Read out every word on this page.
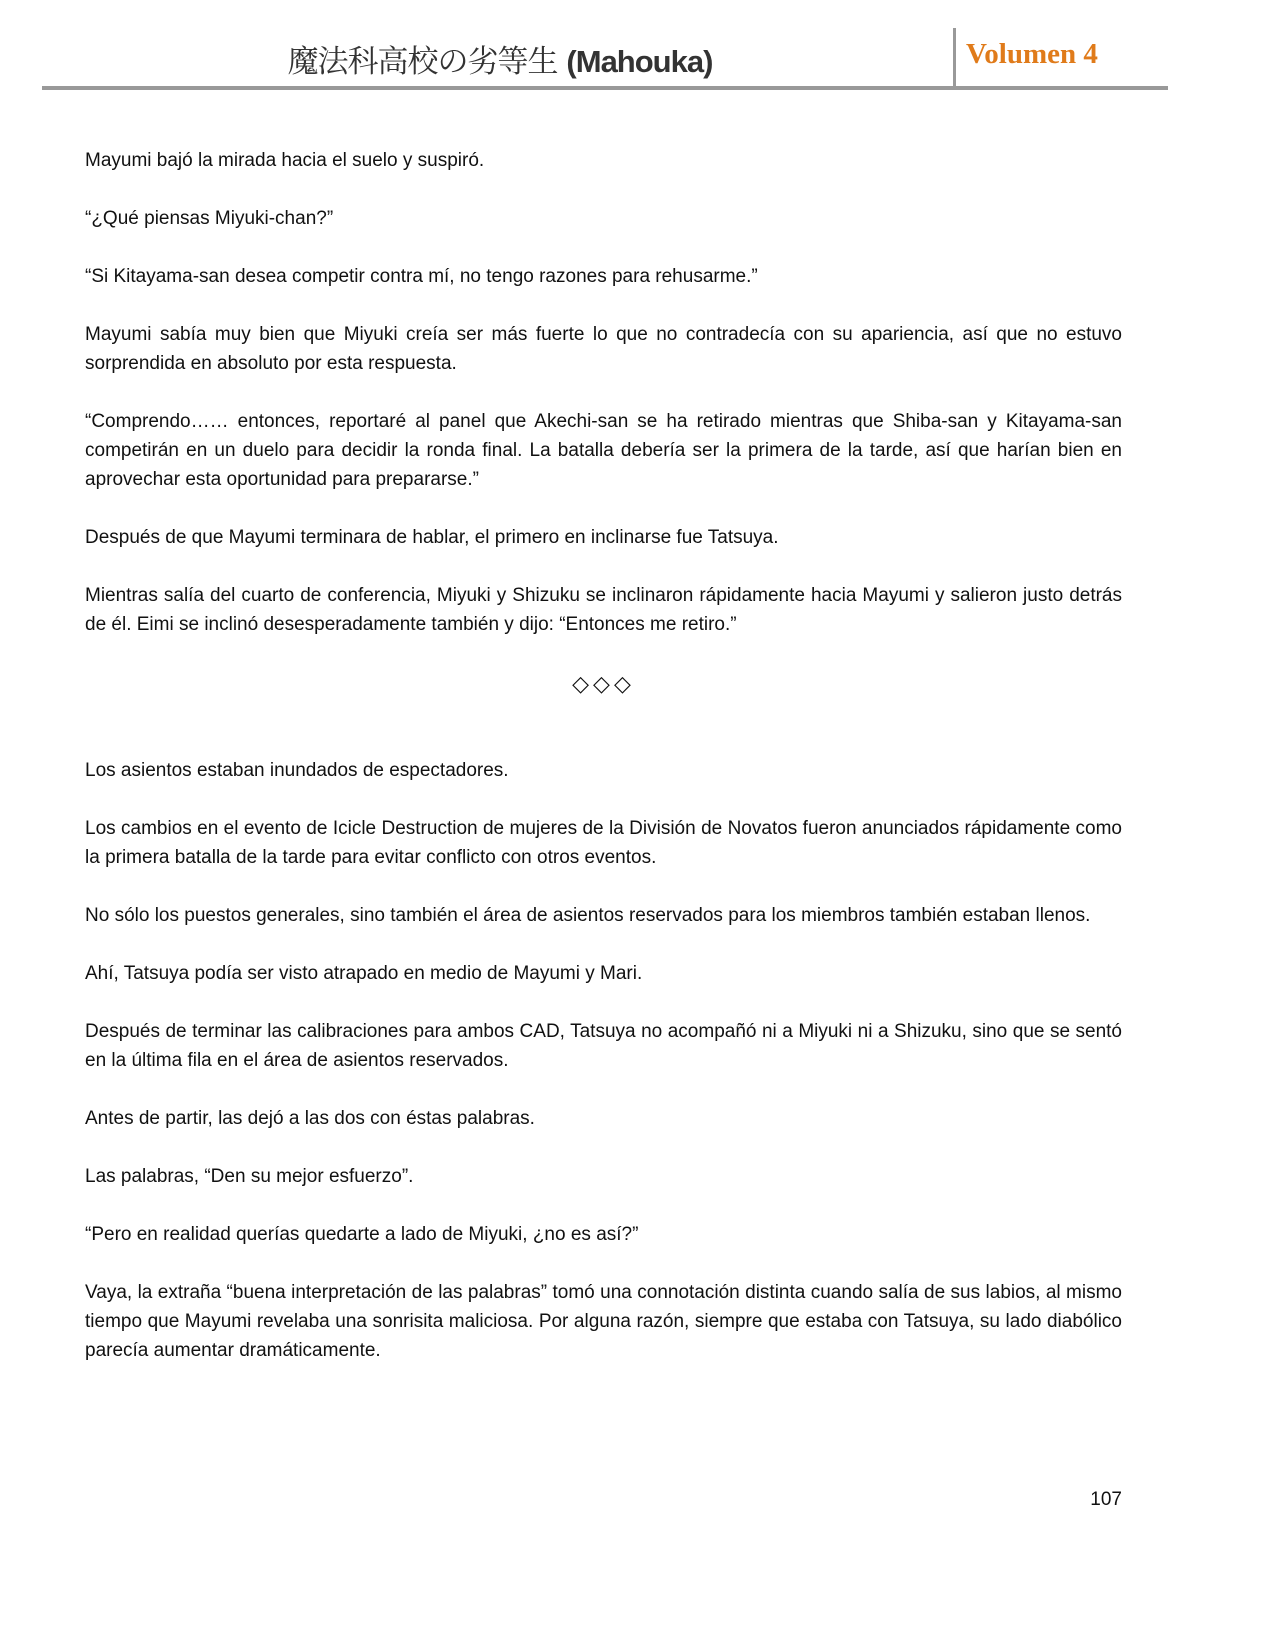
魔法科高校の劣等生 (Mahouka)	Volumen 4

Mayumi bajó la mirada hacia el suelo y suspiró.

“¿Qué piensas Miyuki-chan?”

“Si Kitayama-san desea competir contra mí, no tengo razones para rehusarme.”

Mayumi sabía muy bien que Miyuki creía ser más fuerte lo que no contradecía con su apariencia, así que no estuvo sorprendida en absoluto por esta respuesta.

“Comprendo…… entonces, reportaré al panel que Akechi-san se ha retirado mientras que Shiba-san y Kitayama-san competirán en un duelo para decidir la ronda final. La batalla debería ser la primera de la tarde, así que harían bien en aprovechar esta oportunidad para prepararse.”

Después de que Mayumi terminara de hablar, el primero en inclinarse fue Tatsuya.

Mientras salía del cuarto de conferencia, Miyuki y Shizuku se inclinaron rápidamente hacia Mayumi y salieron justo detrás de él. Eimi se inclinó desesperadamente también y dijo: “Entonces me retiro.”

◇◇◇

Los asientos estaban inundados de espectadores.

Los cambios en el evento de Icicle Destruction de mujeres de la División de Novatos fueron anunciados rápidamente como la primera batalla de la tarde para evitar conflicto con otros eventos.

No sólo los puestos generales, sino también el área de asientos reservados para los miembros también estaban llenos.

Ahí, Tatsuya podía ser visto atrapado en medio de Mayumi y Mari.

Después de terminar las calibraciones para ambos CAD, Tatsuya no acompañó ni a Miyuki ni a Shizuku, sino que se sentó en la última fila en el área de asientos reservados.

Antes de partir, las dejó a las dos con éstas palabras.

Las palabras, “Den su mejor esfuerzo”.

“Pero en realidad querías quedarte a lado de Miyuki, ¿no es así?”

Vaya, la extraña “buena interpretación de las palabras” tomó una connotación distinta cuando salía de sus labios, al mismo tiempo que Mayumi revelaba una sonrisita maliciosa. Por alguna razón, siempre que estaba con Tatsuya, su lado diabólico parecía aumentar dramáticamente.

107
